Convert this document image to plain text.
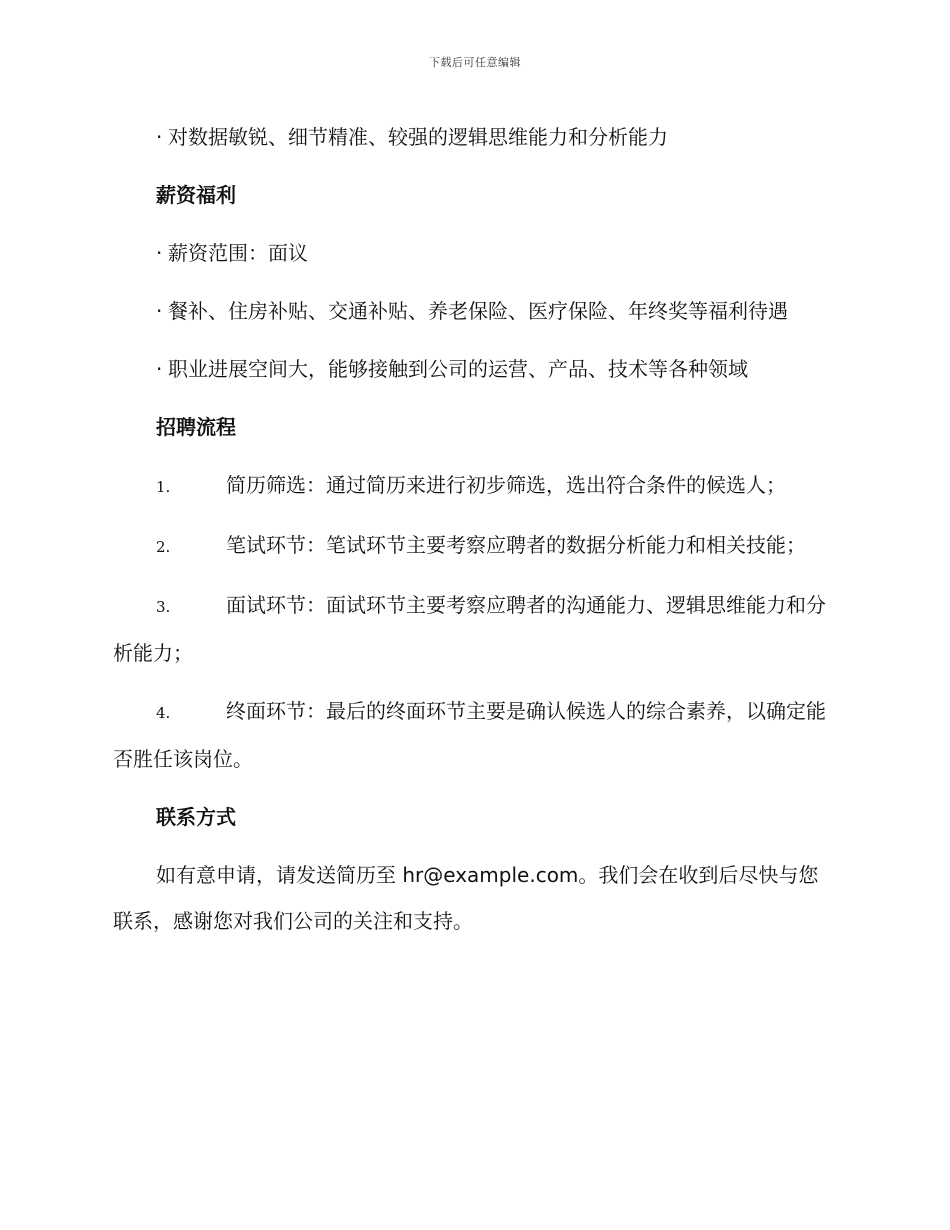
下载后可任意编辑

· 对数据敏锐、细节精准、较强的逻辑思维能力和分析能力

薪资福利

· 薪资范围：面议

· 餐补、住房补贴、交通补贴、养老保险、医疗保险、年终奖等福利待遇

· 职业进展空间大，能够接触到公司的运营、产品、技术等各种领域

招聘流程

1.	简历筛选：通过简历来进行初步筛选，选出符合条件的候选人；

2.	笔试环节：笔试环节主要考察应聘者的数据分析能力和相关技能；

3.	面试环节：面试环节主要考察应聘者的沟通能力、逻辑思维能力和分析能力；

4.	终面环节：最后的终面环节主要是确认候选人的综合素养，以确定能否胜任该岗位。

联系方式

如有意申请，请发送简历至 hr@example.com。我们会在收到后尽快与您联系，感谢您对我们公司的关注和支持。
